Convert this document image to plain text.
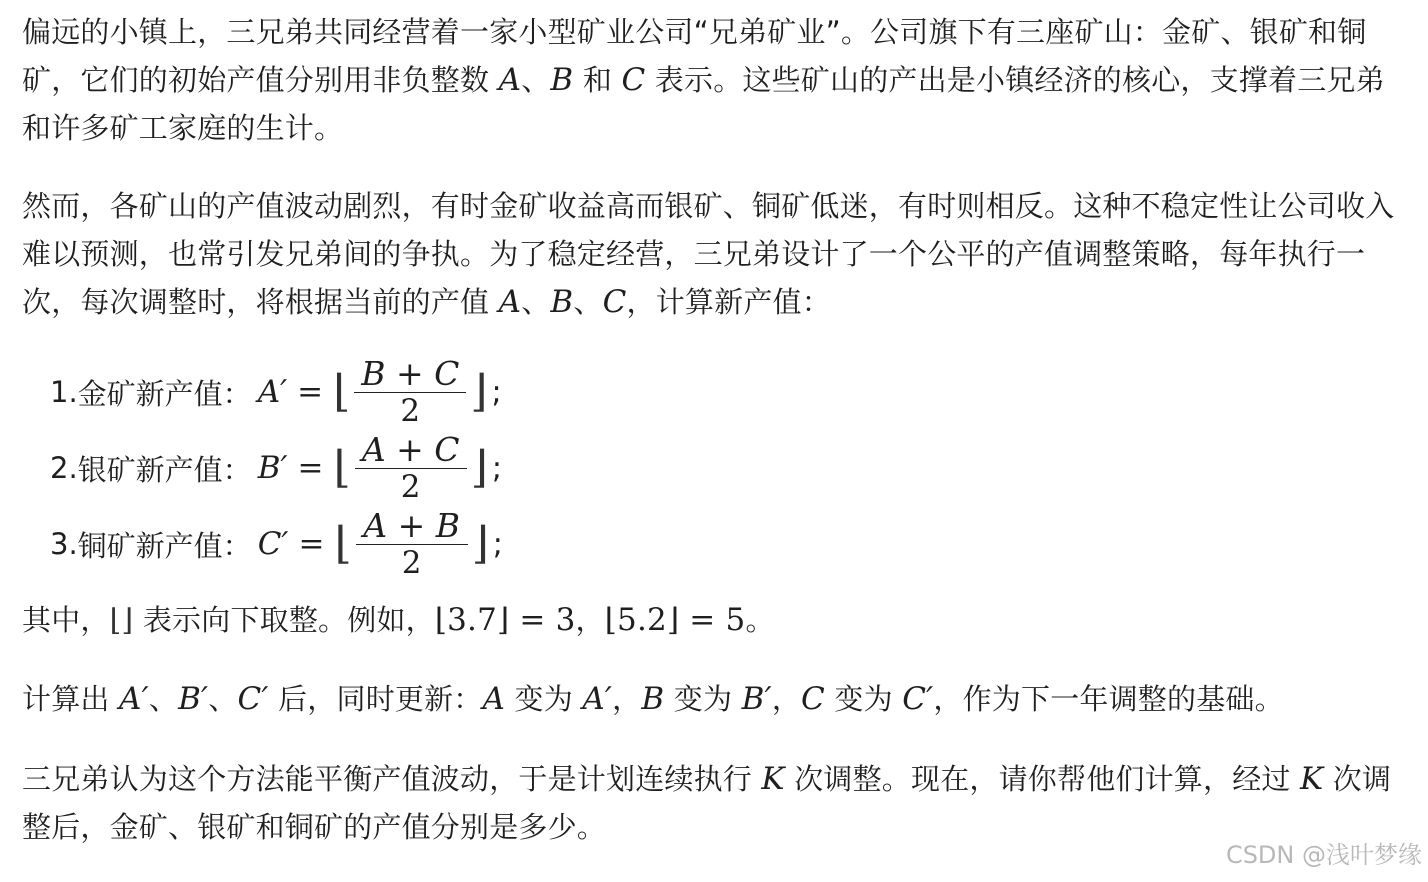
偏远的小镇上，三兄弟共同经营着一家小型矿业公司“兄弟矿业”。公司旗下有三座矿山：金矿、银矿和铜矿，它们的初始产值分别用非负整数 A、B 和 C 表示。这些矿山的产出是小镇经济的核心，支撑着三兄弟和许多矿工家庭的生计。

然而，各矿山的产值波动剧烈，有时金矿收益高而银矿、铜矿低迷，有时则相反。这种不稳定性让公司收入难以预测，也常引发兄弟间的争执。为了稳定经营，三兄弟设计了一个公平的产值调整策略，每年执行一次，每次调整时，将根据当前的产值 A、B、C，计算新产值：

1. 金矿新产值： A′ = ⌊ $\frac{B + C}{2}$ ⌋ ;
2. 银矿新产值： B′ = ⌊ $\frac{A + C}{2}$ ⌋ ;
3. 铜矿新产值： C′ = ⌊ $\frac{A + B}{2}$ ⌋ ;

其中，⌊⌋ 表示向下取整。例如，⌊3.7⌋ = 3，⌊5.2⌋ = 5。

计算出 A′、B′、C′ 后，同时更新：A 变为 A′，B 变为 B′，C 变为 C′，作为下一年调整的基础。

三兄弟认为这个方法能平衡产值波动，于是计划连续执行 K 次调整。现在，请你帮他们计算，经过 K 次调整后，金矿、银矿和铜矿的产值分别是多少。

CSDN @浅叶梦缘
